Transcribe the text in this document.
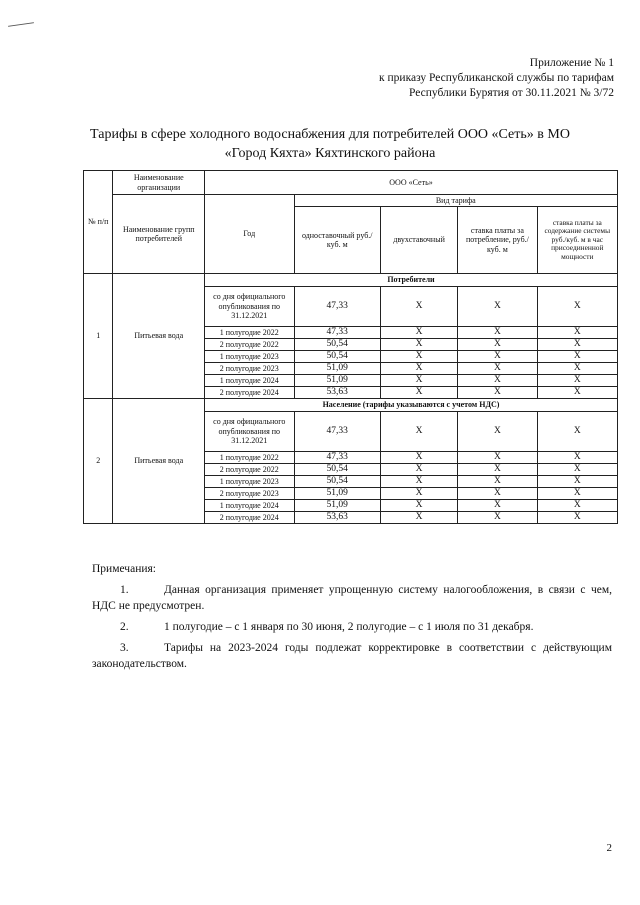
Приложение № 1
к приказу Республиканской службы по тарифам
Республики Бурятия от 30.11.2021 № 3/72
Тарифы в сфере холодного водоснабжения для потребителей ООО «Сеть» в МО
«Город Кяхта» Кяхтинского района
№ п/п	Наименование организации	ООО «Сеть»				
	Наименование групп потребителей	Год	Вид тарифа			
			одноставочный руб./ куб. м	двухставочный	ставка платы за потребление, руб./ куб. м	ставка платы за содержание системы руб./куб. м в час присоединенной мощности
1	Питьевая вода	Потребители				
		со дня официального опубликования по 31.12.2021	47,33	X	X	X
		1 полугодие 2022	47,33	X	X	X
		2 полугодие 2022	50,54	X	X	X
		1 полугодие 2023	50,54	X	X	X
		2 полугодие 2023	51,09	X	X	X
		1 полугодие 2024	51,09	X	X	X
		2 полугодие 2024	53,63	X	X	X
2	Питьевая вода	Население (тарифы указываются с учетом НДС)				
		со дня официального опубликования по 31.12.2021	47,33	X	X	X
		1 полугодие 2022	47,33	X	X	X
		2 полугодие 2022	50,54	X	X	X
		1 полугодие 2023	50,54	X	X	X
		2 полугодие 2023	51,09	X	X	X
		1 полугодие 2024	51,09	X	X	X
		2 полугодие 2024	53,63	X	X	X
Примечания:
1.	Данная организация применяет упрощенную систему налогообложения, в связи с чем, НДС не предусмотрен.
2.	1 полугодие – с 1 января по 30 июня, 2 полугодие – с 1 июля по 31 декабря.
3.	Тарифы на 2023-2024 годы подлежат корректировке в соответствии с действующим законодательством.
2
